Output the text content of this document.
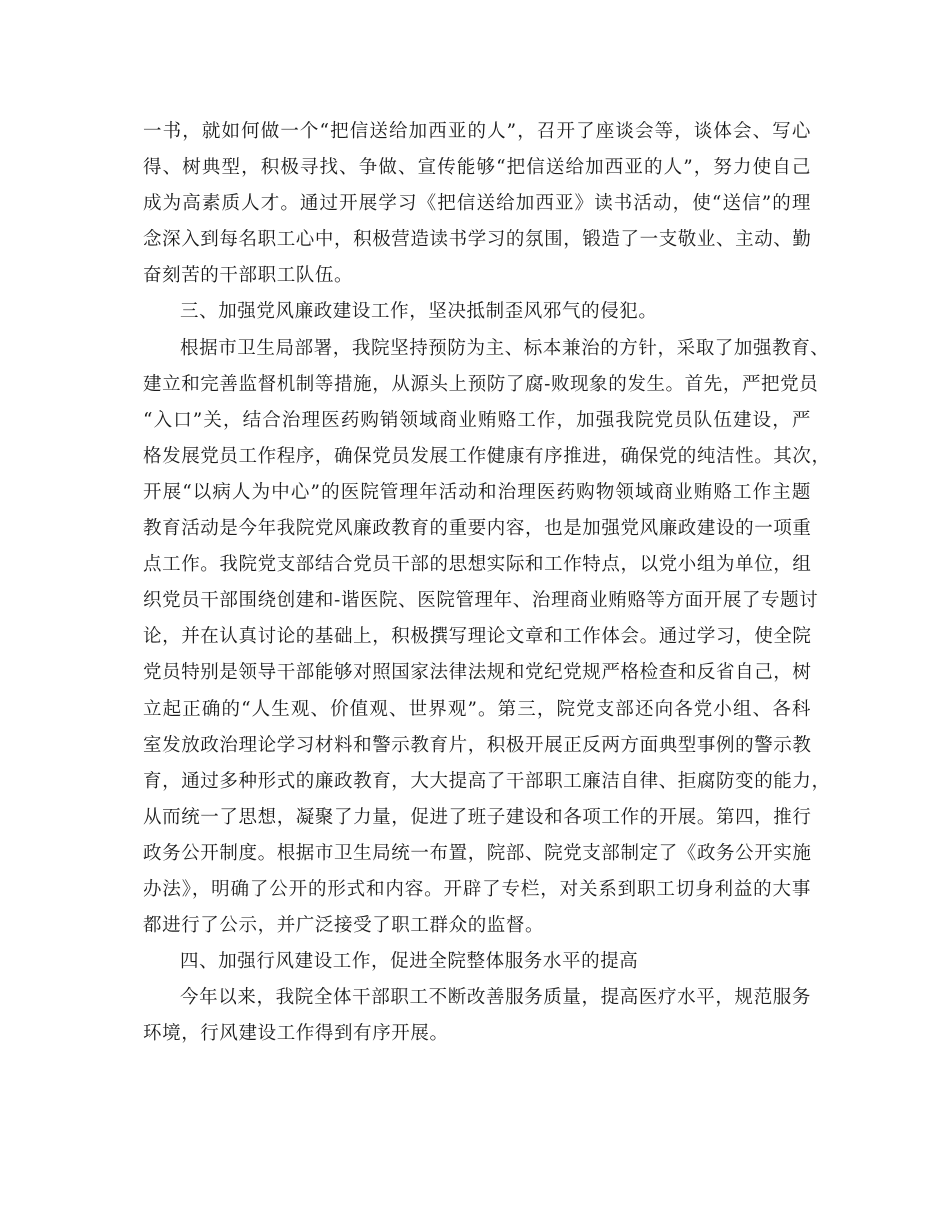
一书，就如何做一个“把信送给加西亚的人”，召开了座谈会等，谈体会、写心
得、树典型，积极寻找、争做、宣传能够“把信送给加西亚的人”，努力使自己
成为高素质人才。通过开展学习《把信送给加西亚》读书活动，使“送信”的理
念深入到每名职工心中，积极营造读书学习的氛围，锻造了一支敬业、主动、勤
奋刻苦的干部职工队伍。
三、加强党风廉政建设工作，坚决抵制歪风邪气的侵犯。
根据市卫生局部署，我院坚持预防为主、标本兼治的方针，采取了加强教育、
建立和完善监督机制等措施，从源头上预防了腐-败现象的发生。首先，严把党员
“入口”关，结合治理医药购销领域商业贿赂工作，加强我院党员队伍建设，严
格发展党员工作程序，确保党员发展工作健康有序推进，确保党的纯洁性。其次，
开展“以病人为中心”的医院管理年活动和治理医药购物领域商业贿赂工作主题
教育活动是今年我院党风廉政教育的重要内容，也是加强党风廉政建设的一项重
点工作。我院党支部结合党员干部的思想实际和工作特点，以党小组为单位，组
织党员干部围绕创建和-谐医院、医院管理年、治理商业贿赂等方面开展了专题讨
论，并在认真讨论的基础上，积极撰写理论文章和工作体会。通过学习，使全院
党员特别是领导干部能够对照国家法律法规和党纪党规严格检查和反省自己，树
立起正确的“人生观、价值观、世界观”。第三，院党支部还向各党小组、各科
室发放政治理论学习材料和警示教育片，积极开展正反两方面典型事例的警示教
育，通过多种形式的廉政教育，大大提高了干部职工廉洁自律、拒腐防变的能力，
从而统一了思想，凝聚了力量，促进了班子建设和各项工作的开展。第四，推行
政务公开制度。根据市卫生局统一布置，院部、院党支部制定了《政务公开实施
办法》，明确了公开的形式和内容。开辟了专栏，对关系到职工切身利益的大事
都进行了公示，并广泛接受了职工群众的监督。
四、加强行风建设工作，促进全院整体服务水平的提高
今年以来，我院全体干部职工不断改善服务质量，提高医疗水平，规范服务
环境，行风建设工作得到有序开展。
